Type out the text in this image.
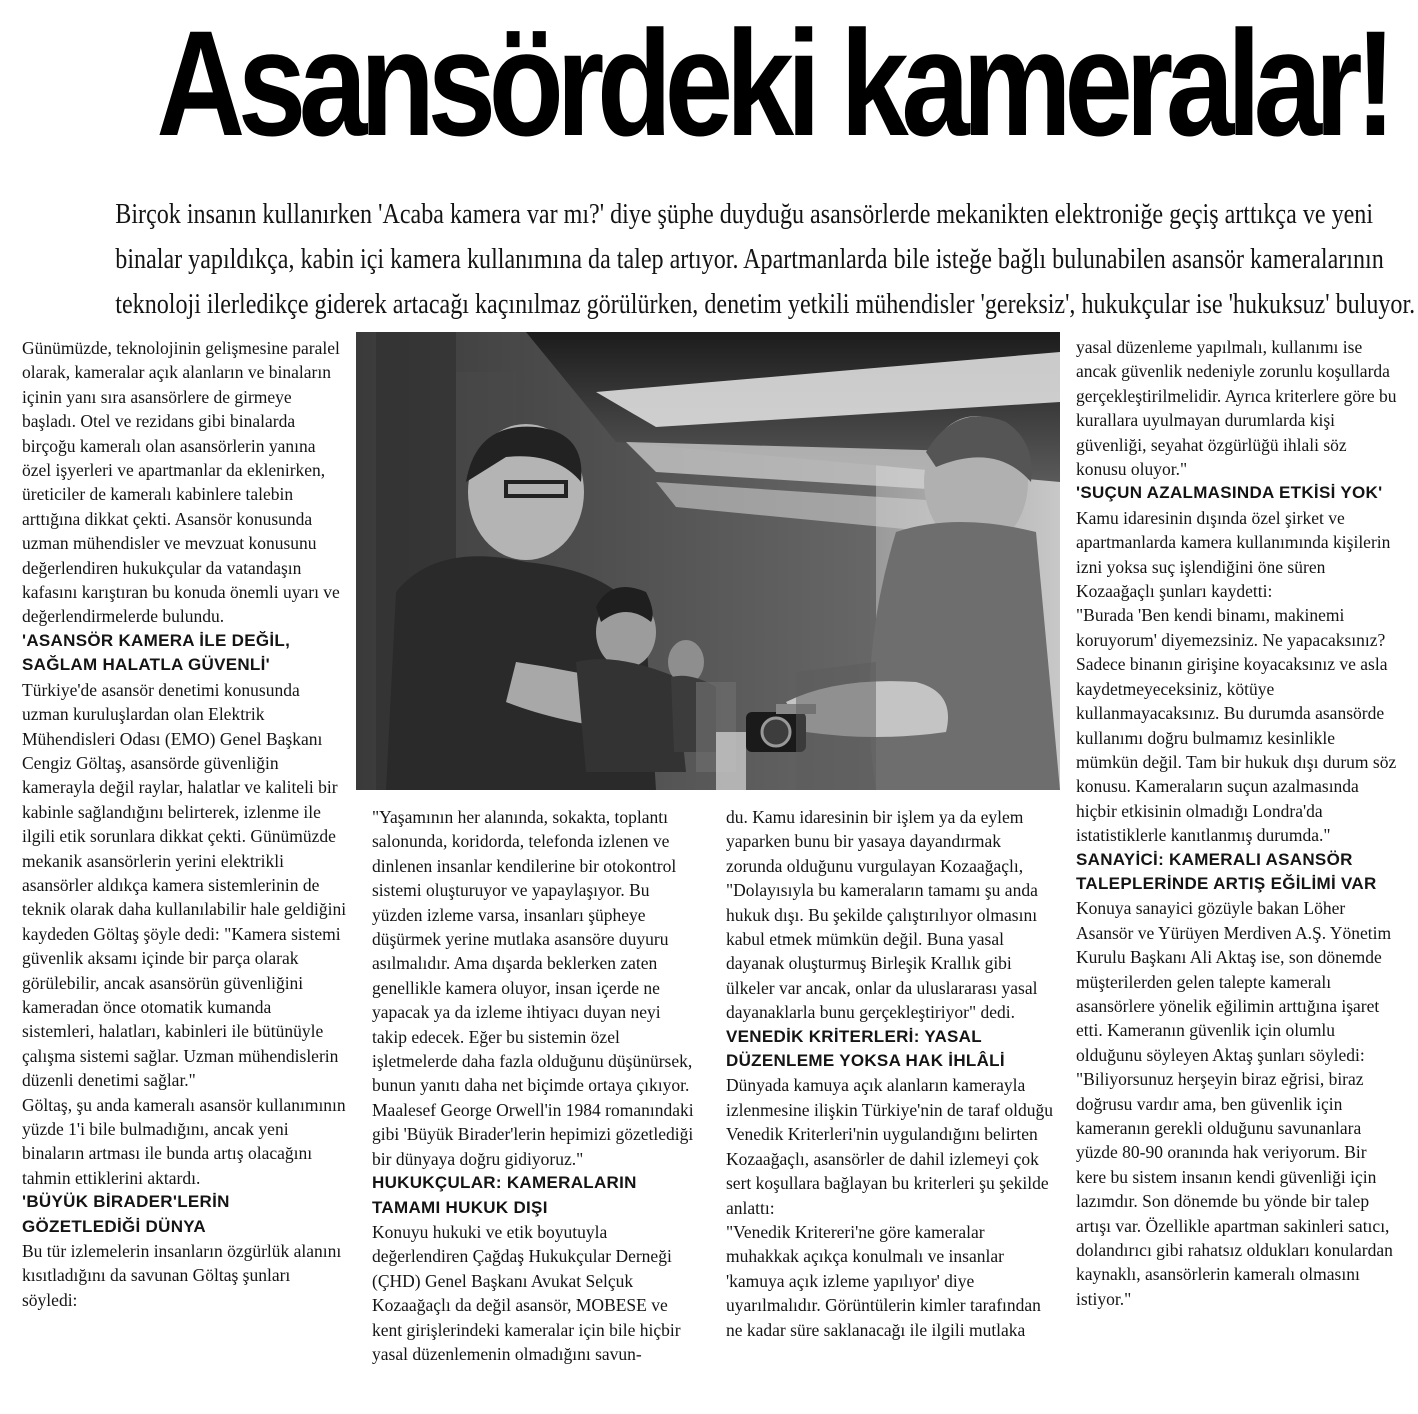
Asansördeki kameralar!

Birçok insanın kullanırken 'Acaba kamera var mı?' diye şüphe duyduğu asansörlerde mekanikten elektroniğe geçiş arttıkça ve yeni

binalar yapıldıkça, kabin içi kamera kullanımına da talep artıyor. Apartmanlarda bile isteğe bağlı bulunabilen asansör kameralarının

teknoloji ilerledikçe giderek artacağı kaçınılmaz görülürken, denetim yetkili mühendisler 'gereksiz', hukukçular ise 'hukuksuz' buluyor.

Günümüzde, teknolojinin gelişmesine paralel olarak, kameralar açık alanların ve binaların içinin yanı sıra asansörlere de girmeye başladı. Otel ve rezidans gibi binalarda birçoğu kameralı olan asansörlerin yanına özel işyerleri ve apartmanlar da eklenirken, üreticiler de kameralı kabinlere talebin arttığına dikkat çekti. Asansör konusunda uzman mühendisler ve mevzuat konusunu değerlendiren hukukçular da vatandaşın kafasını karıştıran bu konuda önemli uyarı ve değerlendirmelerde bulundu.

'ASANSÖR KAMERA İLE DEĞİL, SAĞLAM HALATLA GÜVENLİ'

Türkiye'de asansör denetimi konusunda uzman kuruluşlardan olan Elektrik Mühendisleri Odası (EMO) Genel Başkanı Cengiz Göltaş, asansörde güvenliğin kamerayla değil raylar, halatlar ve kaliteli bir kabinle sağlandığını belirterek, izlenme ile ilgili etik sorunlara dikkat çekti. Günümüzde mekanik asansörlerin yerini elektrikli asansörler aldıkça kamera sistemlerinin de teknik olarak daha kullanılabilir hale geldiğini kaydeden Göltaş şöyle dedi: "Kamera sistemi güvenlik aksamı içinde bir parça olarak görülebilir, ancak asansörün güvenliğini kameradan önce otomatik kumanda sistemleri, halatları, kabinleri ile bütünüyle çalışma sistemi sağlar. Uzman mühendislerin düzenli denetimi sağlar."

Göltaş, şu anda kameralı asansör kullanımının yüzde 1'i bile bulmadığını, ancak yeni binaların artması ile bunda artış olacağını tahmin ettiklerini aktardı.

'BÜYÜK BİRADER'LERİN GÖZETLEDİĞİ DÜNYA

Bu tür izlemelerin insanların özgürlük alanını kısıtladığını da savunan Göltaş şunları söyledi:

"Yaşamının her alanında, sokakta, toplantı salonunda, koridorda, telefonda izlenen ve dinlenen insanlar kendilerine bir otokontrol sistemi oluşturuyor ve yapaylaşıyor. Bu yüzden izleme varsa, insanları şüpheye düşürmek yerine mutlaka asansöre duyuru asılmalıdır. Ama dışarda beklerken zaten genellikle kamera oluyor, insan içerde ne yapacak ya da izleme ihtiyacı duyan neyi takip edecek. Eğer bu sistemin özel işletmelerde daha fazla olduğunu düşünürsek, bunun yanıtı daha net biçimde ortaya çıkıyor. Maalesef George Orwell'in 1984 romanındaki gibi 'Büyük Birader'lerin hepimizi gözetlediği bir dünyaya doğru gidiyoruz."

HUKUKÇULAR: KAMERALARIN TAMAMI HUKUK DIŞI

Konuyu hukuki ve etik boyutuyla değerlendiren Çağdaş Hukukçular Derneği (ÇHD) Genel Başkanı Avukat Selçuk Kozaağaçlı da değil asansör, MOBESE ve kent girişlerindeki kameralar için bile hiçbir yasal düzenlemenin olmadığını savun-

du. Kamu idaresinin bir işlem ya da eylem yaparken bunu bir yasaya dayandırmak zorunda olduğunu vurgulayan Kozaağaçlı, "Dolayısıyla bu kameraların tamamı şu anda hukuk dışı. Bu şekilde çalıştırılıyor olmasını kabul etmek mümkün değil. Buna yasal dayanak oluşturmuş Birleşik Krallık gibi ülkeler var ancak, onlar da uluslararası yasal dayanaklarla bunu gerçekleştiriyor" dedi.

VENEDİK KRİTERLERİ: YASAL DÜZENLEME YOKSA HAK İHLÂLİ

Dünyada kamuya açık alanların kamerayla izlenmesine ilişkin Türkiye'nin de taraf olduğu Venedik Kriterleri'nin uygulandığını belirten Kozaağaçlı, asansörler de dahil izlemeyi çok sert koşullara bağlayan bu kriterleri şu şekilde anlattı:

"Venedik Kritereri'ne göre kameralar muhakkak açıkça konulmalı ve insanlar 'kamuya açık izleme yapılıyor' diye uyarılmalıdır. Görüntülerin kimler tarafından ne kadar süre saklanacağı ile ilgili mutlaka

yasal düzenleme yapılmalı, kullanımı ise ancak güvenlik nedeniyle zorunlu koşullarda gerçekleştirilmelidir. Ayrıca kriterlere göre bu kurallara uyulmayan durumlarda kişi güvenliği, seyahat özgürlüğü ihlali söz konusu oluyor."

'SUÇUN AZALMASINDA ETKİSİ YOK'

Kamu idaresinin dışında özel şirket ve apartmanlarda kamera kullanımında kişilerin izni yoksa suç işlendiğini öne süren Kozaağaçlı şunları kaydetti:

"Burada 'Ben kendi binamı, makinemi koruyorum' diyemezsiniz. Ne yapacaksınız? Sadece binanın girişine koyacaksınız ve asla kaydetmeyeceksiniz, kötüye kullanmayacaksınız. Bu durumda asansörde kullanımı doğru bulmamız kesinlikle mümkün değil. Tam bir hukuk dışı durum söz konusu. Kameraların suçun azalmasında hiçbir etkisinin olmadığı Londra'da istatistiklerle kanıtlanmış durumda."

SANAYİCİ: KAMERALI ASANSÖR TALEPLERİNDE ARTIŞ EĞİLİMİ VAR

Konuya sanayici gözüyle bakan Löher Asansör ve Yürüyen Merdiven A.Ş. Yönetim Kurulu Başkanı Ali Aktaş ise, son dönemde müşterilerden gelen talepte kameralı asansörlere yönelik eğilimin arttığına işaret etti. Kameranın güvenlik için olumlu olduğunu söyleyen Aktaş şunları söyledi:

"Biliyorsunuz herşeyin biraz eğrisi, biraz doğrusu vardır ama, ben güvenlik için kameranın gerekli olduğunu savunanlara yüzde 80-90 oranında hak veriyorum. Bir kere bu sistem insanın kendi güvenliği için lazımdır. Son dönemde bu yönde bir talep artışı var. Özellikle apartman sakinleri satıcı, dolandırıcı gibi rahatsız oldukları konulardan kaynaklı, asansörlerin kameralı olmasını istiyor."
